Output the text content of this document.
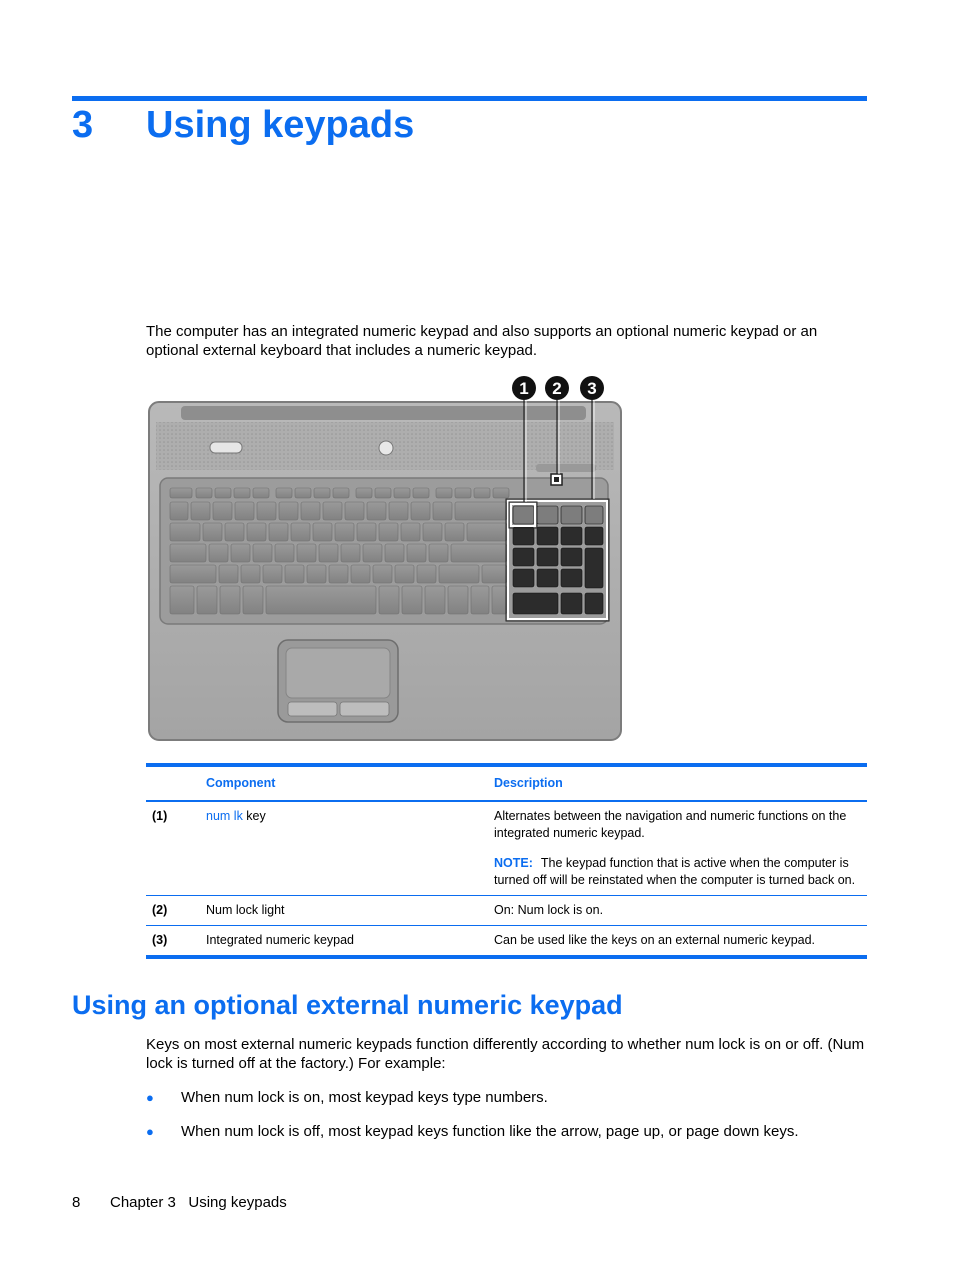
3 Using keypads
The computer has an integrated numeric keypad and also supports an optional numeric keypad or an optional external keyboard that includes a numeric keypad.
1 2 3
	Component	Description
(1)	num lk key	Alternates between the navigation and numeric functions on the integrated numeric keypad.

NOTE: The keypad function that is active when the computer is turned off will be reinstated when the computer is turned back on.

(2)	Num lock light	On: Num lock is on.
(3)	Integrated numeric keypad	Can be used like the keys on an external numeric keypad.
Using an optional external numeric keypad
Keys on most external numeric keypads function differently according to whether num lock is on or off. (Num lock is turned off at the factory.) For example:
● When num lock is on, most keypad keys type numbers.
● When num lock is off, most keypad keys function like the arrow, page up, or page down keys.
8 Chapter 3 Using keypads
